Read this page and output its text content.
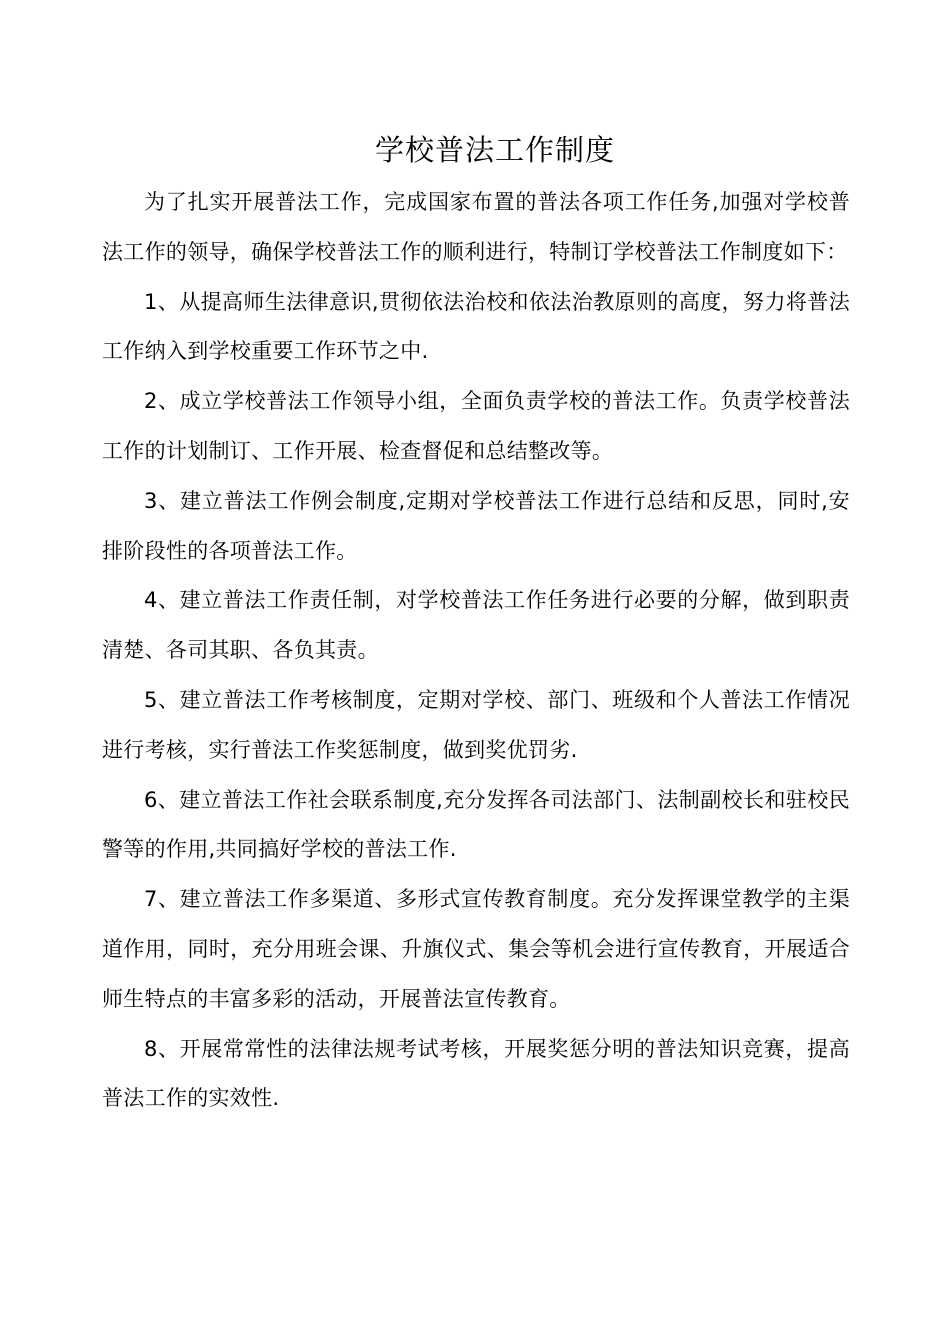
学校普法工作制度

为了扎实开展普法工作，完成国家布置的普法各项工作任务,加强对学校普法工作的领导，确保学校普法工作的顺利进行，特制订学校普法工作制度如下：

1、从提高师生法律意识,贯彻依法治校和依法治教原则的高度，努力将普法工作纳入到学校重要工作环节之中.

2、成立学校普法工作领导小组，全面负责学校的普法工作。负责学校普法工作的计划制订、工作开展、检查督促和总结整改等。

3、建立普法工作例会制度,定期对学校普法工作进行总结和反思，同时,安排阶段性的各项普法工作。

4、建立普法工作责任制，对学校普法工作任务进行必要的分解，做到职责清楚、各司其职、各负其责。

5、建立普法工作考核制度，定期对学校、部门、班级和个人普法工作情况进行考核，实行普法工作奖惩制度，做到奖优罚劣.

6、建立普法工作社会联系制度,充分发挥各司法部门、法制副校长和驻校民警等的作用,共同搞好学校的普法工作.

7、建立普法工作多渠道、多形式宣传教育制度。充分发挥课堂教学的主渠道作用，同时，充分用班会课、升旗仪式、集会等机会进行宣传教育，开展适合师生特点的丰富多彩的活动，开展普法宣传教育。

8、开展常常性的法律法规考试考核，开展奖惩分明的普法知识竞赛，提高普法工作的实效性.
